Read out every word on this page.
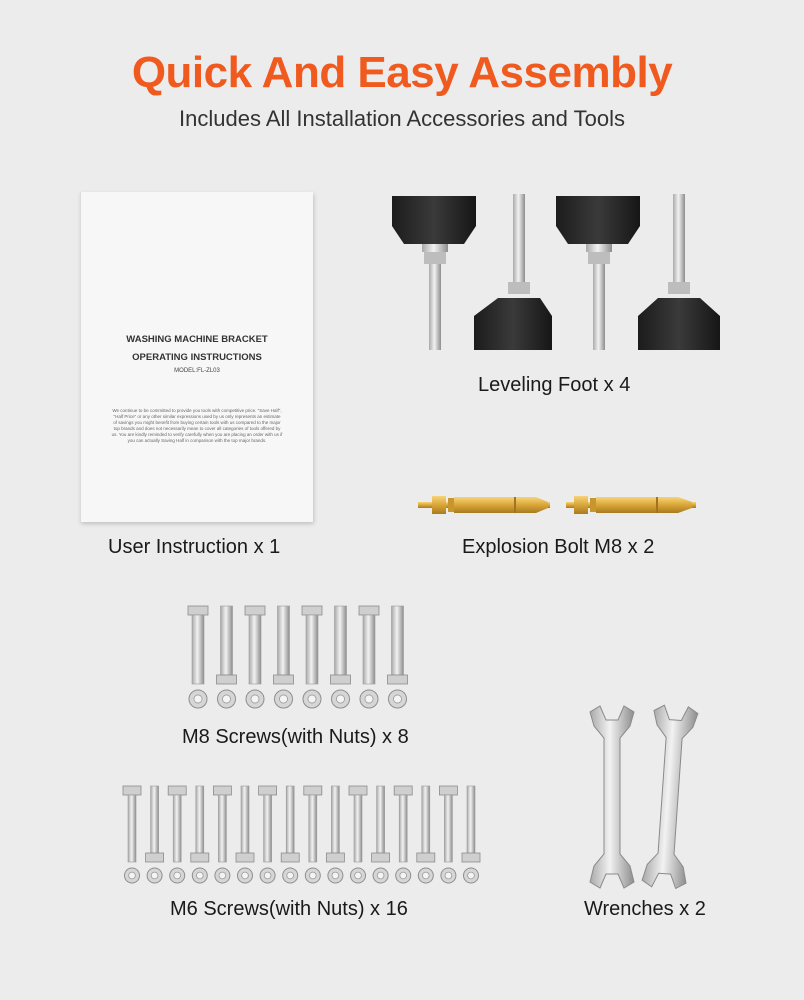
Quick And Easy Assembly
Includes All Installation Accessories and Tools
WASHING MACHINE BRACKET
OPERATING INSTRUCTIONS
MODEL:FL-ZL03
We continue to be committed to provide you tools with competitive price. "Save Half", "Half Price" or any other similar expressions used by us only represents an estimate of savings you might benefit from buying certain tools with us compared to the major top brands and does not necessarily mean to cover all categories of tools offered by us. You are kindly reminded to verify carefully when you are placing an order with us if you can actually Saving Half in comparison with the top major brands.
User Instruction x 1
Leveling Foot x 4
Explosion Bolt M8 x 2
M8 Screws(with Nuts) x 8
M6 Screws(with Nuts) x 16	Wrenches x 2
